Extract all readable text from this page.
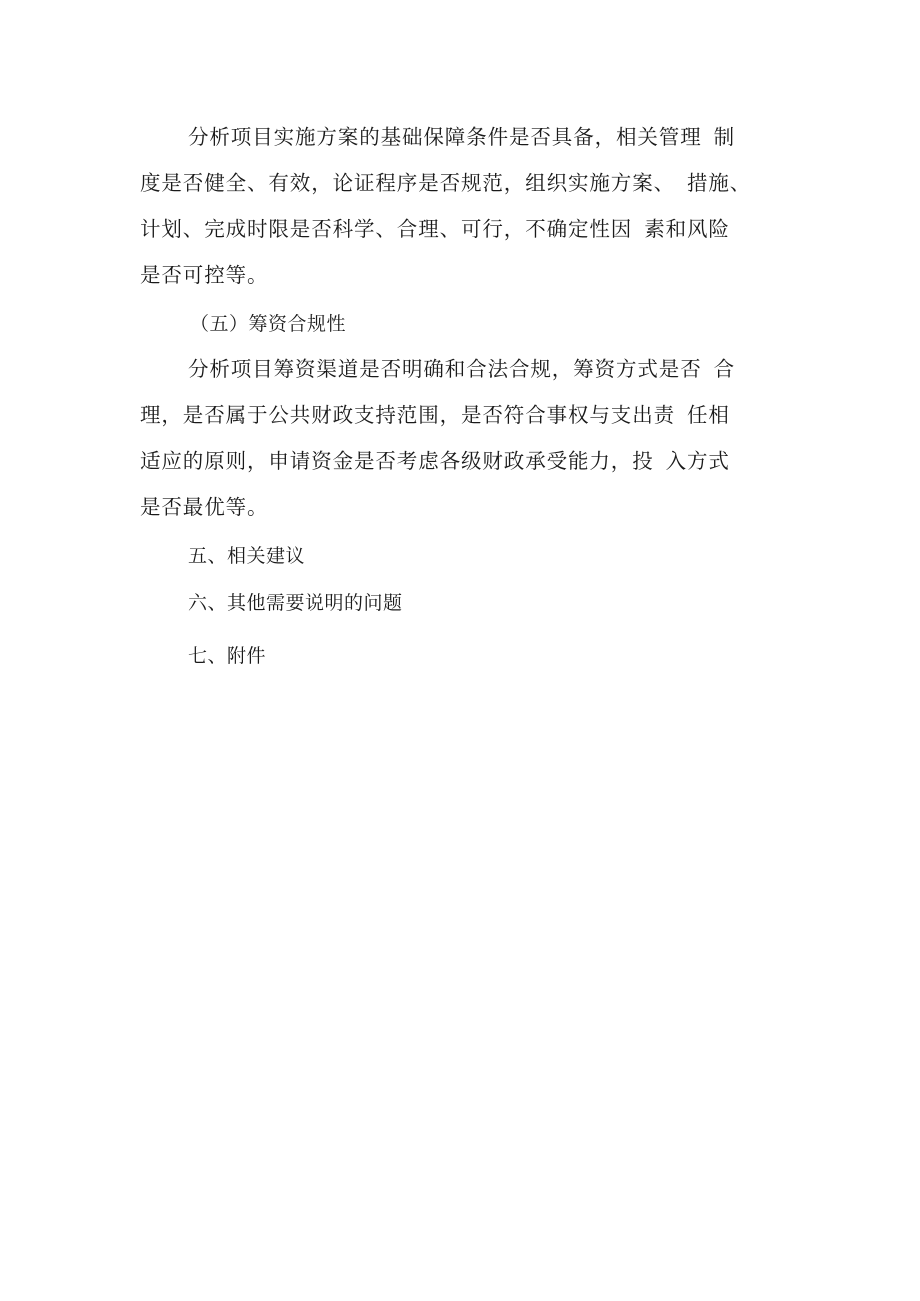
分析项目实施方案的基础保障条件是否具备，相关管理 制
度是否健全、有效，论证程序是否规范，组织实施方案、 措施、
计划、完成时限是否科学、合理、可行，不确定性因 素和风险
是否可控等。
（五）筹资合规性
分析项目筹资渠道是否明确和合法合规，筹资方式是否 合
理，是否属于公共财政支持范围，是否符合事权与支出责 任相
适应的原则，申请资金是否考虑各级财政承受能力，投 入方式
是否最优等。
五、相关建议
六、其他需要说明的问题
七、附件
